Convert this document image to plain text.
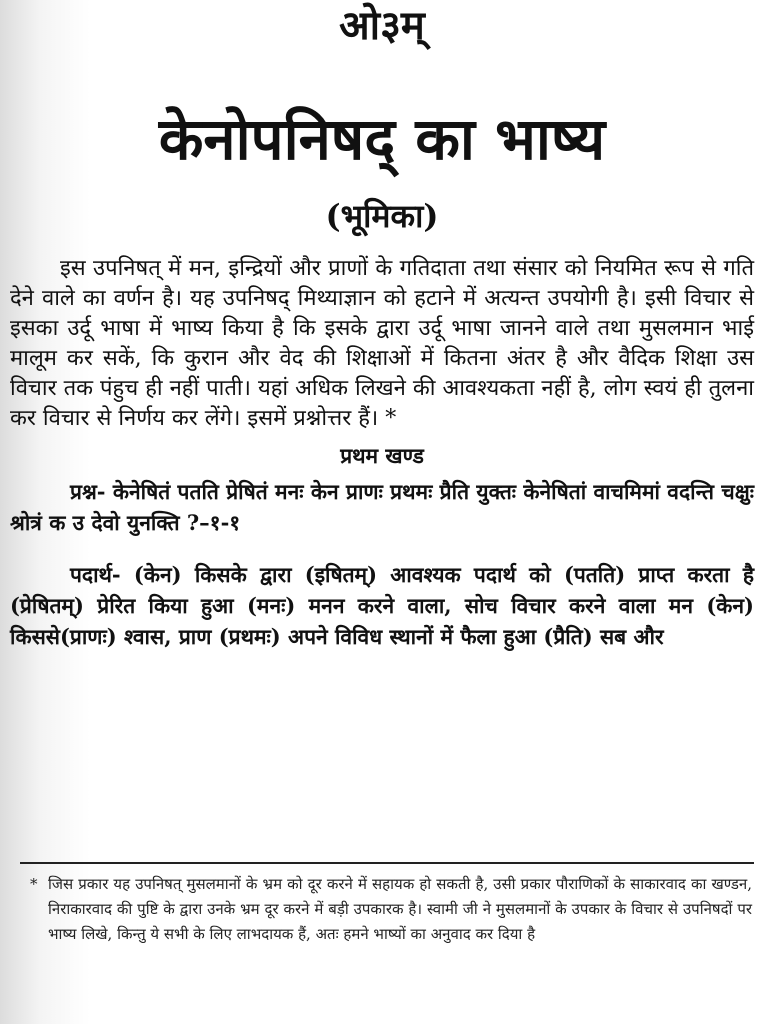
ओ३म्
केनोपनिषद् का भाष्य
(भूमिका)

इस उपनिषत् में मन, इन्द्रियों और प्राणों के गतिदाता तथा संसार को नियमित रूप से गति देने वाले का वर्णन है। यह उपनिषद् मिथ्याज्ञान को हटाने में अत्यन्त उपयोगी है। इसी विचार से इसका उर्दू भाषा में भाष्य किया है कि इसके द्वारा उर्दू भाषा जानने वाले तथा मुसलमान भाई मालूम कर सकें, कि कुरान और वेद की शिक्षाओं में कितना अंतर है और वैदिक शिक्षा उस विचार तक पंहुच ही नहीं पाती। यहां अधिक लिखने की आवश्यकता नहीं है, लोग स्वयं ही तुलना कर विचार से निर्णय कर लेंगे। इसमें प्रश्नोत्तर हैं। *

प्रथम खण्ड

प्रश्न- केनेषितं पतति प्रेषितं मनः केन प्राणः प्रथमः प्रैति युक्तः केनेषितां वाचमिमां वदन्ति चक्षुः श्रोत्रं क उ देवो युनक्ति ?–१-१

पदार्थ- (केन) किसके द्वारा (इषितम्) आवश्यक पदार्थ को (पतति) प्राप्त करता है (प्रेषितम्) प्रेरित किया हुआ (मनः) मनन करने वाला, सोच विचार करने वाला मन (केन) किससे(प्राणः) श्वास, प्राण (प्रथमः) अपने विविध स्थानों में फैला हुआ (प्रैति) सब और

* जिस प्रकार यह उपनिषत् मुसलमानों के भ्रम को दूर करने में सहायक हो सकती है, उसी प्रकार पौराणिकों के साकारवाद का खण्डन, निराकारवाद की पुष्टि के द्वारा उनके भ्रम दूर करने में बड़ी उपकारक है। स्वामी जी ने मुसलमानों के उपकार के विचार से उपनिषदों पर भाष्य लिखे, किन्तु ये सभी के लिए लाभदायक हैं, अतः हमने भाष्यों का अनुवाद कर दिया है
